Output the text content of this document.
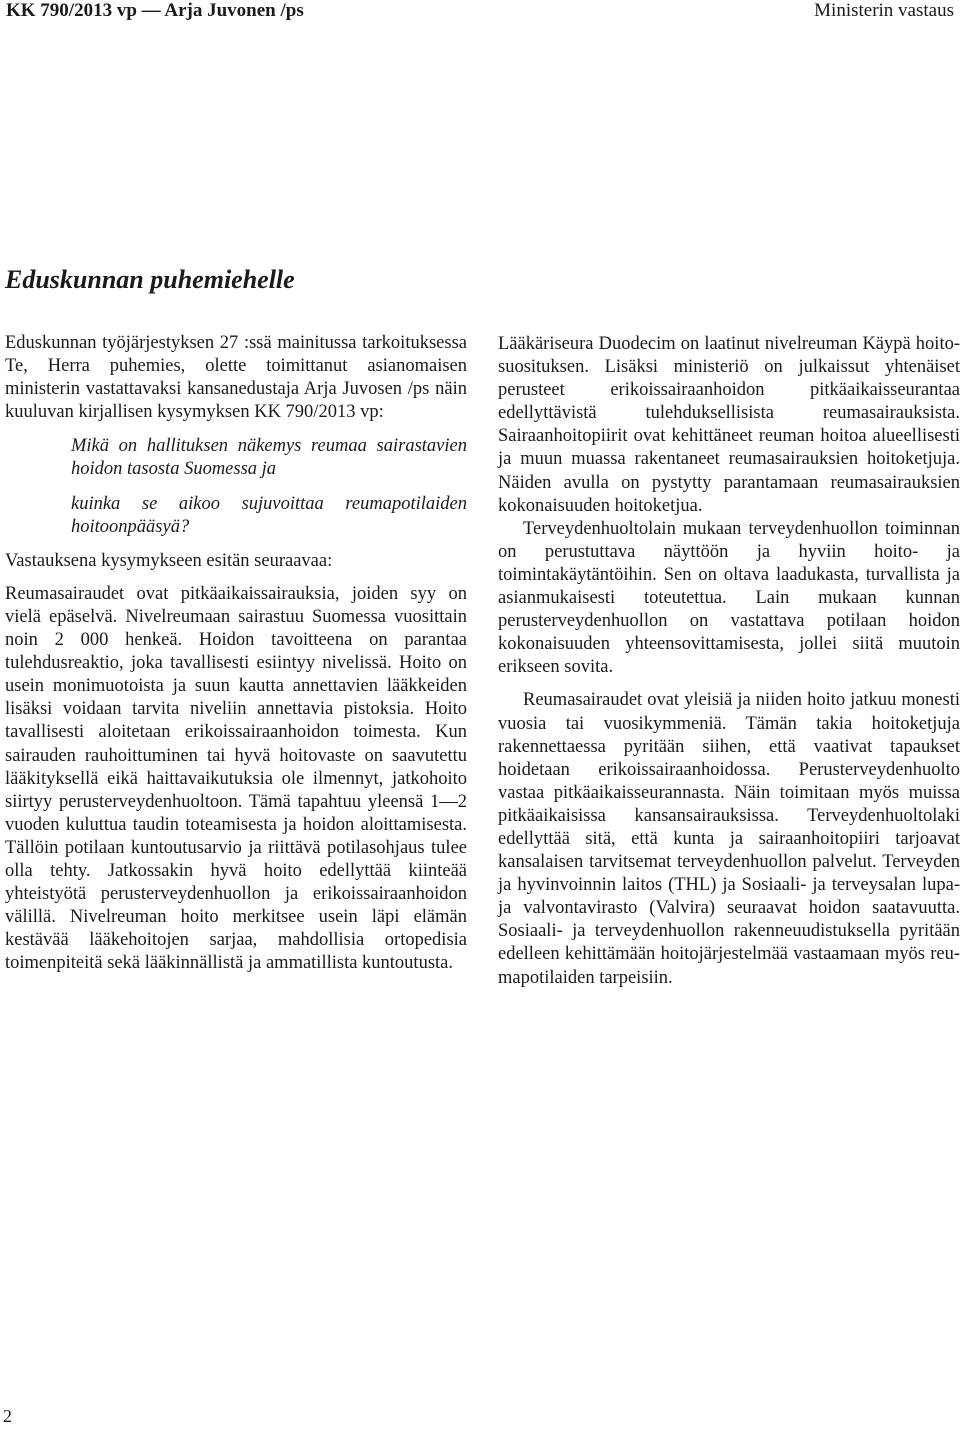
KK 790/2013 vp — Arja Juvonen /ps	Ministerin vastaus
Eduskunnan puhemiehelle

Eduskunnan työjärjestyksen 27 :ssä mainitussa tarkoituksessa Te, Herra puhemies, olette toimittanut asianomaisen ministerin vastattavaksi kansanedustaja Arja Juvosen /ps näin kuuluvan kirjallisen kysymyksen KK 790/2013 vp:

Mikä on hallituksen näkemys reumaa sairastavien hoidon tasosta Suomessa ja

kuinka se aikoo sujuvoittaa reumapotilaiden hoitoonpääsyä?

Vastauksena kysymykseen esitän seuraavaa:

Reumasairaudet ovat pitkäaikaissairauksia, joiden syy on vielä epäselvä. Nivelreumaan sairastuu Suomessa vuosittain noin 2 000 henkeä. Hoidon tavoitteena on parantaa tulehdusreaktio, joka tavallisesti esiintyy nivelissä. Hoito on usein monimuotoista ja suun kautta annettavien lääkkeiden lisäksi voidaan tarvita niveliin annettavia pistoksia. Hoito tavallisesti aloitetaan erikoissairaanhoidon toimesta. Kun sairauden rauhoittuminen tai hyvä hoitovaste on saavutettu lääkityksellä eikä haittavaikutuksia ole ilmennyt, jatkohoito siirtyy perusterveydenhuoltoon. Tämä tapahtuu yleensä 1—2 vuoden kuluttua taudin toteamisesta ja hoidon aloittamisesta. Tällöin potilaan kuntoutusarvio ja riittävä potilasohjaus tulee olla tehty. Jatkossakin hyvä hoito edellyttää kiinteää yhteistyötä perusterveydenhuollon ja erikoissairaanhoidon välillä. Nivelreuman hoito merkitsee usein läpi elämän kestävää lääkehoitojen sarjaa, mahdollisia ortopedisia toimenpiteitä sekä lääkinnällistä ja ammatillista kuntoutusta.

Lääkäriseura Duodecim on laatinut nivelreuman Käypä hoito- suosituksen. Lisäksi ministeriö on julkaissut yhtenäiset perusteet erikoissairaanhoidon pitkäaikaisseurantaa edellyttävistä tulehduksellisista reumasairauksista. Sairaanhoitopiirit ovat kehittäneet reuman hoitoa alueellisesti ja muun muassa rakentaneet reumasairauksien hoitoketjuja. Näiden avulla on pystytty parantamaan reumasairauksien kokonaisuuden hoitoketjua.

Terveydenhuoltolain mukaan terveydenhuollon toiminnan on perustuttava näyttöön ja hyviin hoito- ja toimintakäytäntöihin. Sen on oltava laadukasta, turvallista ja asianmukaisesti toteutettua. Lain mukaan kunnan perusterveydenhuollon on vastattava potilaan hoidon kokonaisuuden yhteensovittamisesta, jollei siitä muutoin erikseen sovita.

Reumasairaudet ovat yleisiä ja niiden hoito jatkuu monesti vuosia tai vuosikymmeniä. Tämän takia hoitoketjuja rakennettaessa pyritään siihen, että vaativat tapaukset hoidetaan erikoissairaanhoidossa. Perusterveydenhuolto vastaa pitkäaikaisseurannasta. Näin toimitaan myös muissa pitkäaikaisissa kansansairauksissa. Terveydenhuoltolaki edellyttää sitä, että kunta ja sairaanhoitopiiri tarjoavat kansalaisen tarvitsemat terveydenhuollon palvelut. Terveyden ja hyvinvoinnin laitos (THL) ja Sosiaali- ja terveysalan lupa- ja valvontavirasto (Valvira) seuraavat hoidon saatavuutta. Sosiaali- ja terveydenhuollon rakenneuudistuksella pyritään edelleen kehittämään hoitojärjestelmää vastaamaan myös reumapotilaiden tarpeisiin.

2
